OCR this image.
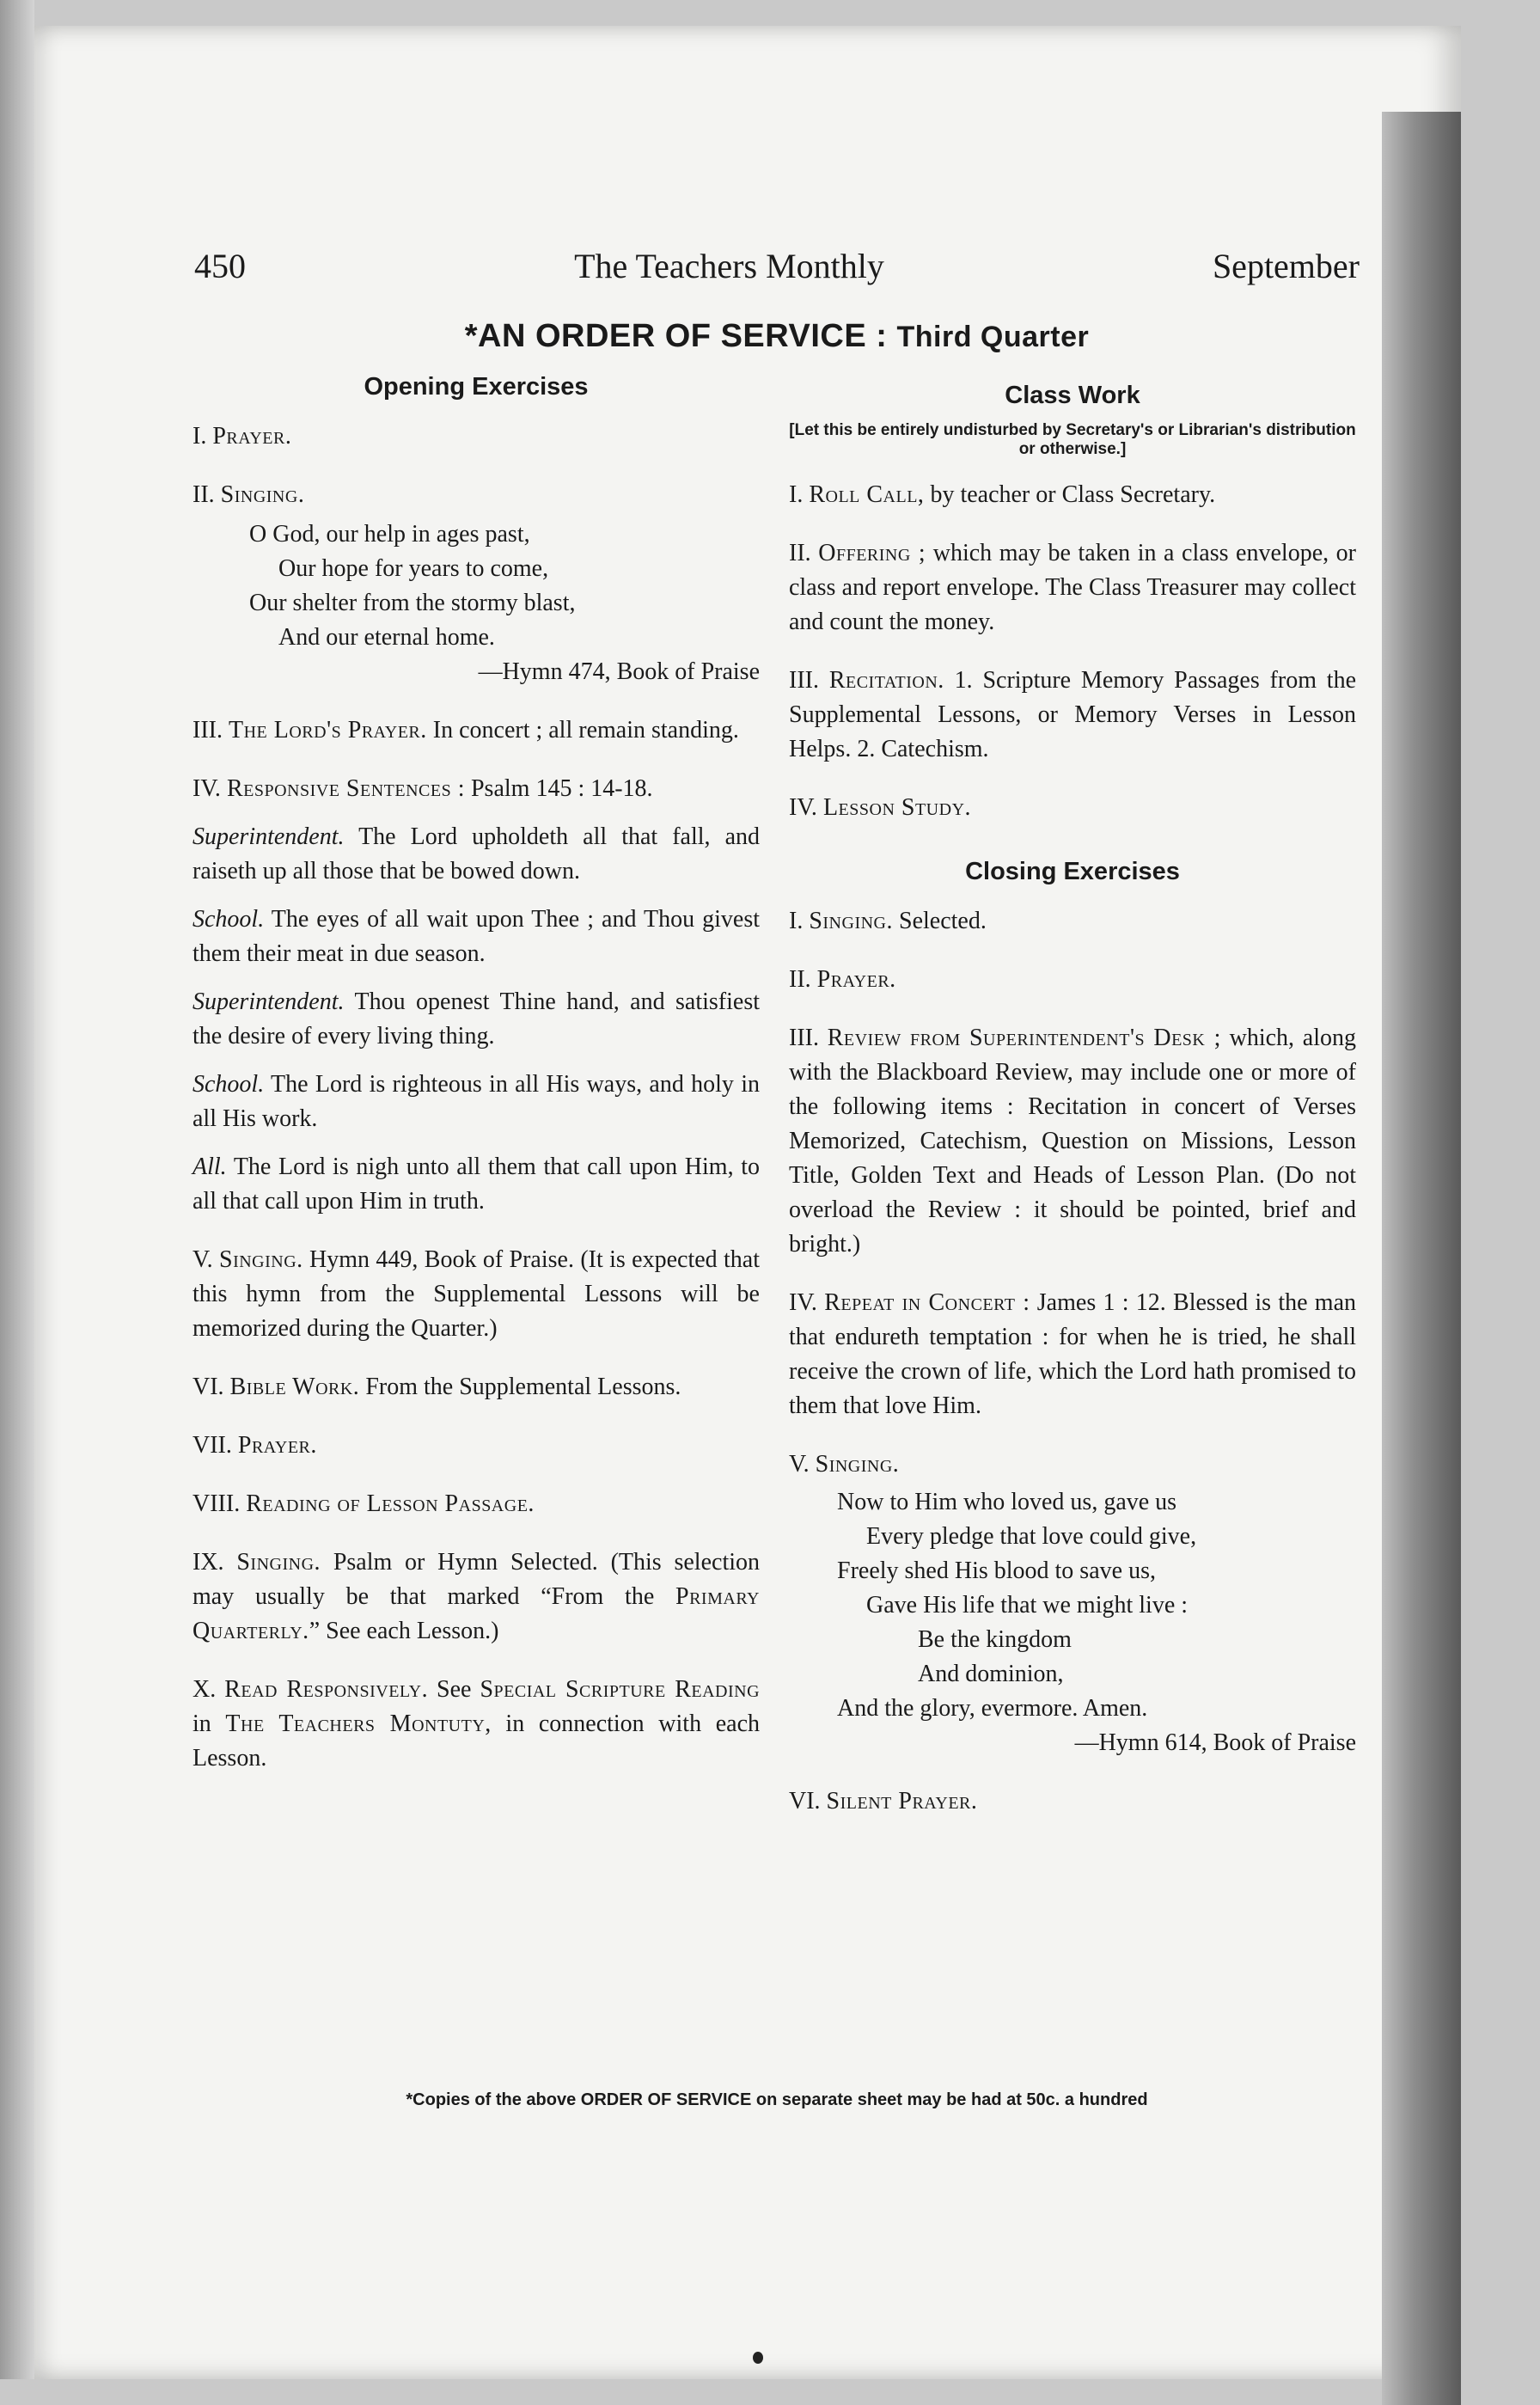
450	The Teachers Monthly	September
*AN ORDER OF SERVICE : Third Quarter
Opening Exercises
I. Prayer.
II. Singing.
O God, our help in ages past,
Our hope for years to come,
Our shelter from the stormy blast,
And our eternal home.
—Hymn 474, Book of Praise
III. The Lord's Prayer. In concert ; all remain standing.
IV. Responsive Sentences : Psalm 145 : 14-18.
Superintendent. The Lord upholdeth all that fall, and raiseth up all those that be bowed down.
School. The eyes of all wait upon Thee ; and Thou givest them their meat in due season.
Superintendent. Thou openest Thine hand, and satisfiest the desire of every living thing.
School. The Lord is righteous in all His ways, and holy in all His work.
All. The Lord is nigh unto all them that call upon Him, to all that call upon Him in truth.
V. Singing. Hymn 449, Book of Praise. (It is expected that this hymn from the Supplemental Lessons will be memorized during the Quarter.)
VI. Bible Work. From the Supplemental Lessons.
VII. Prayer.
VIII. Reading of Lesson Passage.
IX. Singing. Psalm or Hymn Selected. (This selection may usually be that marked “From the Primary Quarterly.” See each Lesson.)
X. Read Responsively. See Special Scripture Reading in The Teachers Montuty, in connection with each Lesson.
Class Work
[Let this be entirely undisturbed by Secretary's or Librarian's distribution or otherwise.]
I. Roll Call, by teacher or Class Secretary.
II. Offering ; which may be taken in a class envelope, or class and report envelope. The Class Treasurer may collect and count the money.
III. Recitation. 1. Scripture Memory Passages from the Supplemental Lessons, or Memory Verses in Lesson Helps. 2. Catechism.
IV. Lesson Study.
Closing Exercises
I. Singing. Selected.
II. Prayer.
III. Review from Superintendent's Desk ; which, along with the Blackboard Review, may include one or more of the following items : Recitation in concert of Verses Memorized, Catechism, Question on Missions, Lesson Title, Golden Text and Heads of Lesson Plan. (Do not overload the Review : it should be pointed, brief and bright.)
IV. Repeat in Concert : James 1 : 12. Blessed is the man that endureth temptation : for when he is tried, he shall receive the crown of life, which the Lord hath promised to them that love Him.
V. Singing.
Now to Him who loved us, gave us
Every pledge that love could give,
Freely shed His blood to save us,
Gave His life that we might live :
Be the kingdom
And dominion,
And the glory, evermore. Amen.
—Hymn 614, Book of Praise
VI. Silent Prayer.
*Copies of the above ORDER OF SERVICE on separate sheet may be had at 50c. a hundred
